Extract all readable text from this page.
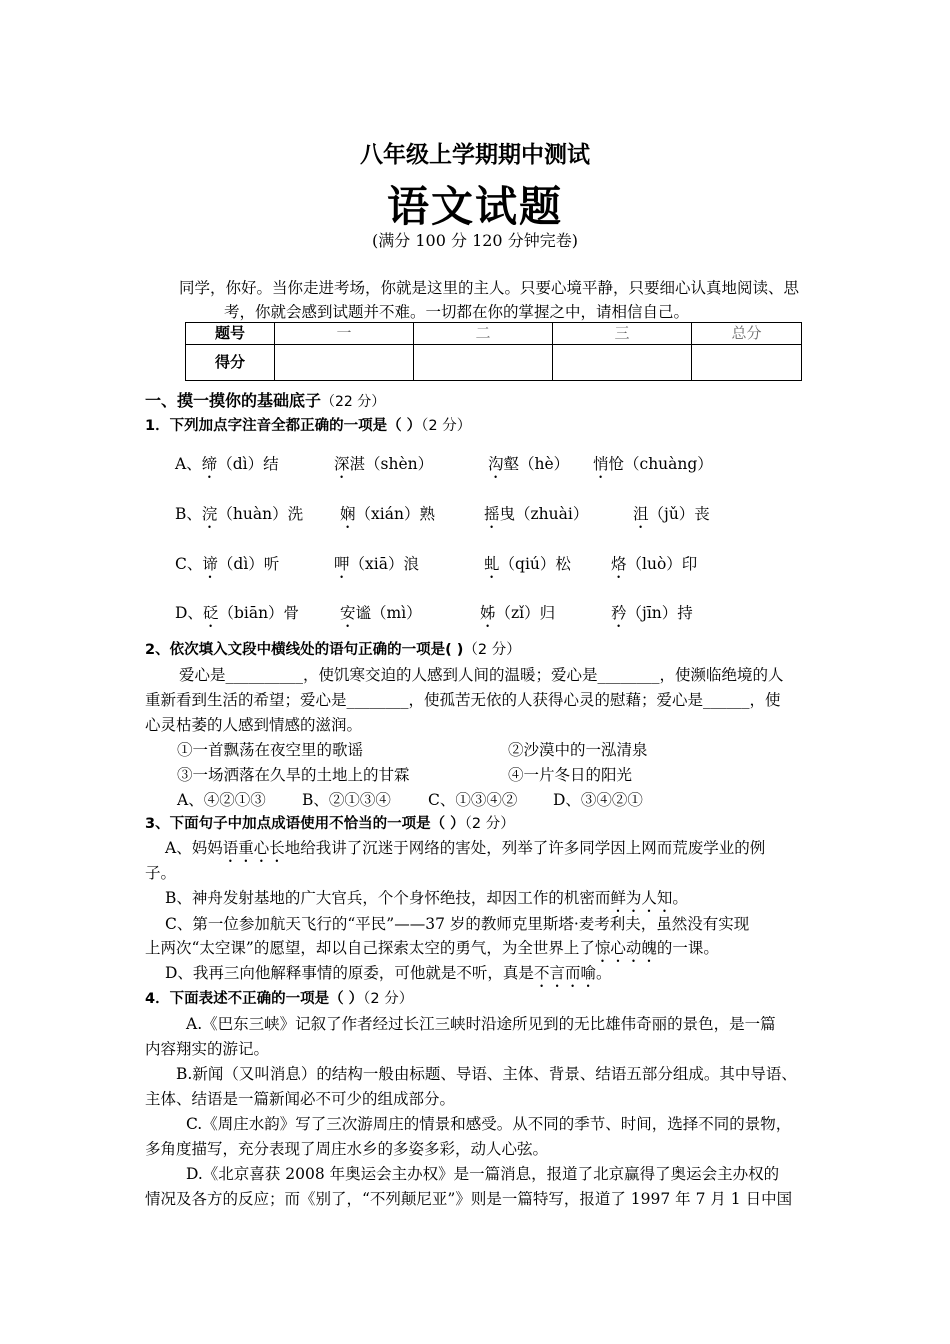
八年级上学期期中测试
语文试题
(满分 100 分 120 分钟完卷)
同学，你好。当你走进考场，你就是这里的主人。只要心境平静，只要细心认真地阅读、思
考，你就会感到试题并不难。一切都在你的掌握之中，请相信自己。
题号	一	二	三	总分
得分				
一、摸一摸你的基础底子（22 分）
1．下列加点字注音全都正确的一项是（ ）（2 分）
A、缔（dì）结	深湛（shèn）	沟壑（hè） 悄怆（chuàng）
B、浣（huàn）洗 娴（xián）熟	摇曳（zhuài）	沮（jǔ）丧
C、谛（dì）听	呷（xiā）浪	虬（qiú）松	烙（luò）印
D、砭（biān）骨	安谧（mì）	姊（zǐ）归	矜（jīn）持
2、依次填入文段中横线处的语句正确的一项是( )（2 分）
爱心是__________，使饥寒交迫的人感到人间的温暖；爱心是________，使濒临绝境的人
重新看到生活的希望；爱心是________，使孤苦无依的人获得心灵的慰藉；爱心是______，使
心灵枯萎的人感到情感的滋润。
①一首飘荡在夜空里的歌谣	②沙漠中的一泓清泉
③一场洒落在久旱的土地上的甘霖	④一片冬日的阳光
A、④②①③ B、②①③④ C、①③④② D、③④②①
3、下面句子中加点成语使用不恰当的一项是（ ）（2 分）
A、妈妈语重心长地给我讲了沉迷于网络的害处，列举了许多同学因上网而荒废学业的例
子。
B、神舟发射基地的广大官兵，个个身怀绝技，却因工作的机密而鲜为人知。
C、第一位参加航天飞行的“平民”——37 岁的教师克里斯塔·麦考利夫，虽然没有实现
上两次“太空课”的愿望，却以自己探索太空的勇气，为全世界上了惊心动魄的一课。
D、我再三向他解释事情的原委，可他就是不听，真是不言而喻。
4．下面表述不正确的一项是（ ）（2 分）
A.《巴东三峡》记叙了作者经过长江三峡时沿途所见到的无比雄伟奇丽的景色，是一篇
内容翔实的游记。
B.新闻（又叫消息）的结构一般由标题、导语、主体、背景、结语五部分组成。其中导语、
主体、结语是一篇新闻必不可少的组成部分。
C.《周庄水韵》写了三次游周庄的情景和感受。从不同的季节、时间，选择不同的景物，
多角度描写，充分表现了周庄水乡的多姿多彩，动人心弦。
D.《北京喜获 2008 年奥运会主办权》是一篇消息，报道了北京赢得了奥运会主办权的
情况及各方的反应；而《别了，“不列颠尼亚”》则是一篇特写，报道了 1997 年 7 月 1 日中国
